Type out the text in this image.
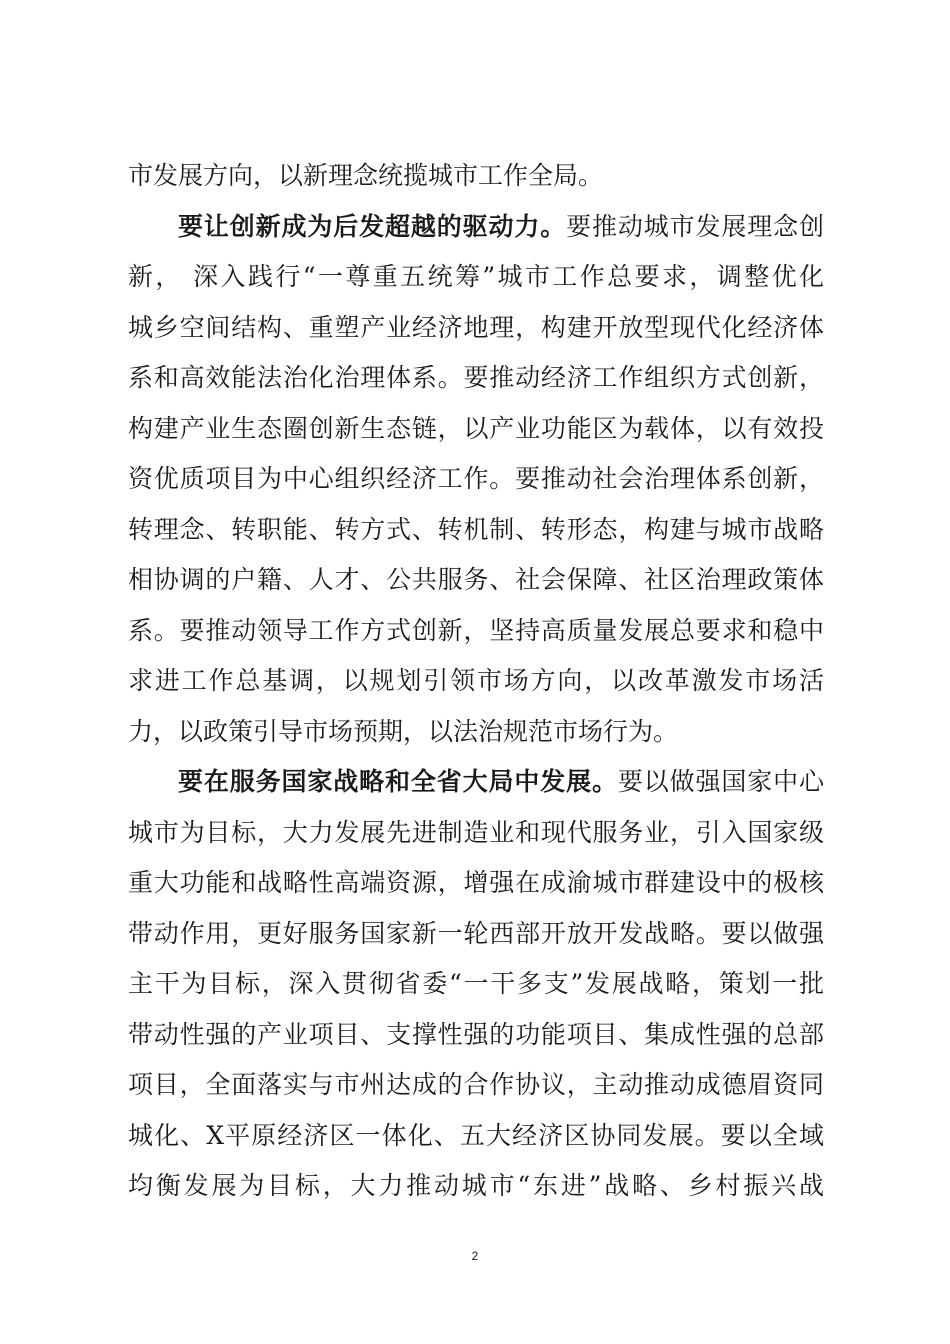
市发展方向，以新理念统揽城市工作全局。
要让创新成为后发超越的驱动力。要推动城市发展理念创
新， 深入践行“一尊重五统筹”城市工作总要求，调整优化
城乡空间结构、重塑产业经济地理，构建开放型现代化经济体
系和高效能法治化治理体系。要推动经济工作组织方式创新，
构建产业生态圈创新生态链，以产业功能区为载体，以有效投
资优质项目为中心组织经济工作。要推动社会治理体系创新，
转理念、转职能、转方式、转机制、转形态，构建与城市战略
相协调的户籍、人才、公共服务、社会保障、社区治理政策体
系。要推动领导工作方式创新，坚持高质量发展总要求和稳中
求进工作总基调，以规划引领市场方向，以改革激发市场活
力，以政策引导市场预期，以法治规范市场行为。
要在服务国家战略和全省大局中发展。要以做强国家中心
城市为目标，大力发展先进制造业和现代服务业，引入国家级
重大功能和战略性高端资源，增强在成渝城市群建设中的极核
带动作用，更好服务国家新一轮西部开放开发战略。要以做强
主干为目标，深入贯彻省委“一干多支”发展战略，策划一批
带动性强的产业项目、支撑性强的功能项目、集成性强的总部
项目，全面落实与市州达成的合作协议，主动推动成德眉资同
城化、X平原经济区一体化、五大经济区协同发展。要以全域
均衡发展为目标，大力推动城市“东进”战略、乡村振兴战
2
